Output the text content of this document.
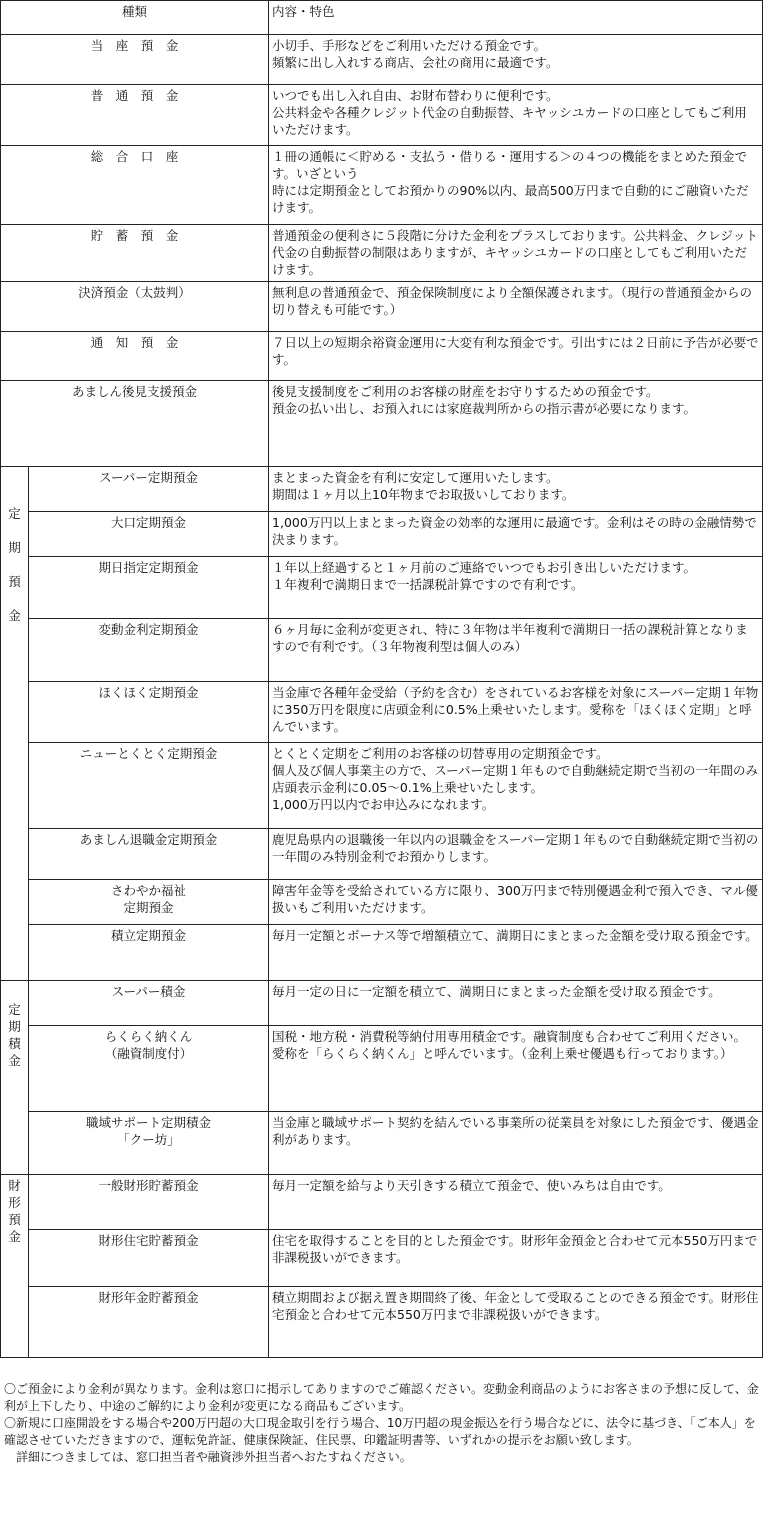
種類		内容・特色
当　座　預　金		小切手、手形などをご利用いただける預金です。
頻繁に出し入れする商店、会社の商用に最適です。

普　通　預　金		いつでも出し入れ自由、お財布替わりに便利です。
公共料金や各種クレジット代金の自動振替、キヤッシユカードの口座としてもご利用いただけます。

総　合　口　座		１冊の通帳に＜貯める・支払う・借りる・運用する＞の４つの機能をまとめた預金です。いざという
時には定期預金としてお預かりの90%以内、最高500万円まで自動的にご融資いただけます。

貯　蓄　預　金		普通預金の便利さに５段階に分けた金利をプラスしております。公共料金、クレジット代金の自動振替の制限はありますが、キヤッシユカードの口座としてもご利用いただけます。

決済預金（太鼓判）		無利息の普通預金で、預金保険制度により全額保護されます。（現行の普通預金からの切り替えも可能です。）

通　知　預　金		７日以上の短期余裕資金運用に大変有利な預金です。引出すには２日前に予告が必要です。

あましん後見支援預金		後見支援制度をご利用のお客様の財産をお守りするための預金です。
預金の払い出し、お預入れには家庭裁判所からの指示書が必要になります。

定

期

預

金	スーパー定期預金	まとまった資金を有利に安定して運用いたします。
期間は１ヶ月以上10年物までお取扱いしております。

	大口定期預金	1,000万円以上まとまった資金の効率的な運用に最適です。金利はその時の金融情勢で決まります。

	期日指定定期預金	１年以上経過すると１ヶ月前のご連絡でいつでもお引き出しいただけます。
１年複利で満期日まで一括課税計算ですので有利です。

	変動金利定期預金	６ヶ月毎に金利が変更され、特に３年物は半年複利で満期日一括の課税計算となりますので有利です。（３年物複利型は個人のみ）

	ほくほく定期預金	当金庫で各種年金受給（予約を含む）をされているお客様を対象にスーパー定期１年物に350万円を限度に店頭金利に0.5%上乗せいたします。愛称を「ほくほく定期」と呼んでいます。

	ニューとくとく定期預金	とくとく定期をご利用のお客様の切替専用の定期預金です。
個人及び個人事業主の方で、スーパー定期１年もので自動継続定期で当初の一年間のみ店頭表示金利に0.05～0.1%上乗せいたします。
1,000万円以内でお申込みになれます。

	あましん退職金定期預金	鹿児島県内の退職後一年以内の退職金をスーパー定期１年もので自動継続定期で当初の一年間のみ特別金利でお預かりします。

	さわやか福祉
定期預金	障害年金等を受給されている方に限り、300万円まで特別優遇金利で預入でき、マル優扱いもご利用いただけます。

	積立定期預金	毎月一定額とボーナス等で増額積立て、満期日にまとまった金額を受け取る預金です。

定
期
積
金	スーパー積金	毎月一定の日に一定額を積立て、満期日にまとまった金額を受け取る預金です。

	らくらく納くん
（融資制度付）	国税・地方税・消費税等納付用専用積金です。融資制度も合わせてご利用ください。
愛称を「らくらく納くん」と呼んでいます。（金利上乗せ優遇も行っております。）

	職域サポート定期積金
「クー坊」	当金庫と職域サポート契約を結んでいる事業所の従業員を対象にした預金です、優遇金利があります。

財
形
預
金	一般財形貯蓄預金	毎月一定額を給与より天引きする積立て預金で、使いみちは自由です。

	財形住宅貯蓄預金	住宅を取得することを目的とした預金です。財形年金預金と合わせて元本550万円まで非課税扱いができます。

	財形年金貯蓄預金	積立期間および据え置き期間終了後、年金として受取ることのできる預金です。財形住宅預金と合わせて元本550万円まで非課税扱いができます。

〇ご預金により金利が異なります。金利は窓口に掲示してありますのでご確認ください。変動金利商品のようにお客さまの予想に反して、金利が上下したり、中途のご解約により金利が変更になる商品もございます。

〇新規に口座開設をする場合や200万円超の大口現金取引を行う場合、10万円超の現金振込を行う場合などに、法令に基づき、「ご本人」を確認させていただきますので、運転免許証、健康保険証、住民票、印鑑証明書等、いずれかの提示をお願い致します。

　詳細につきましては、窓口担当者や融資渉外担当者へおたすねください。
